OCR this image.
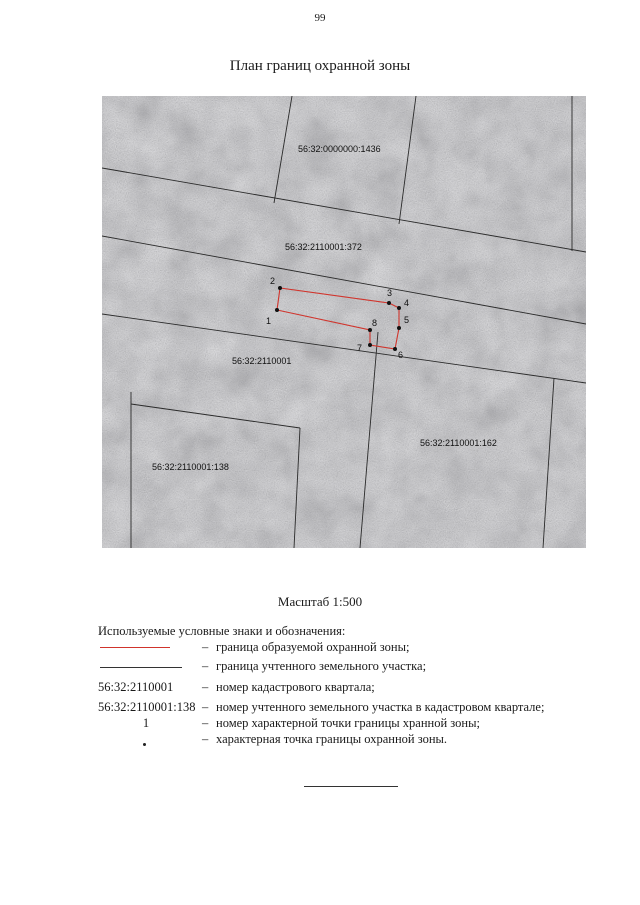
99
План границ охранной зоны
1
2
3
4
5
6
7
8
56:32:0000000:1436
56:32:2110001:372
56:32:2110001
56:32:2110001:138
56:32:2110001:162
Масштаб 1:500
Используемые условные знаки и обозначения:
– граница образуемой охранной зоны;
– граница учтенного земельного участка;
56:32:2110001 – номер кадастрового квартала;
56:32:2110001:138 – номер учтенного земельного участка в кадастровом квартале;
1	– номер характерной точки границы хранной зоны;
– характерная точка границы охранной зоны.
